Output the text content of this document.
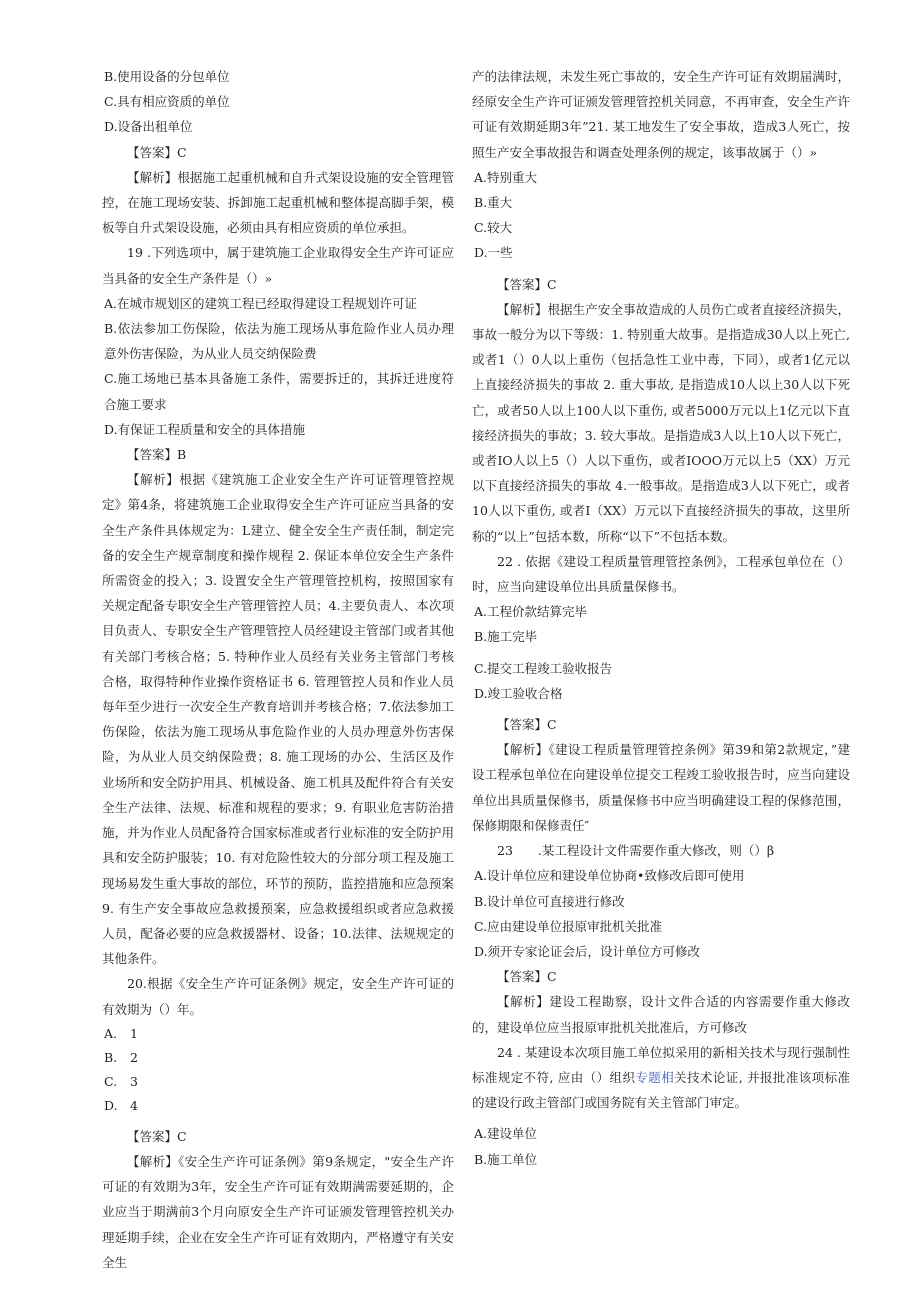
B.使用设备的分包单位

C.具有相应资质的单位

D.设备出租单位

【答案】C

【解析】根据施工起重机械和自升式架设设施的安全管理管控，在施工现场安装、拆卸施工起重机械和整体提高脚手架，模板等自升式架设设施，必须由具有相应资质的单位承担。

19 .下列选项中，属于建筑施工企业取得安全生产许可证应当具备的安全生产条件是（）»

A.在城市规划区的建筑工程已经取得建设工程规划许可证

B.依法参加工伤保险，依法为施工现场从事危险作业人员办理意外伤害保险，为从业人员交纳保险费

C.施工场地已基本具备施工条件，需要拆迁的，其拆迁进度符合施工要求

D.有保证工程质量和安全的具体措施

【答案】B

【解析】根据《建筑施工企业安全生产许可证管理管控规定》第4条，将建筑施工企业取得安全生产许可证应当具备的安全生产条件具体规定为：L建立、健全安全生产责任制，制定完备的安全生产规章制度和操作规程 2. 保证本单位安全生产条件所需资金的投入；3. 设置安全生产管理管控机构，按照国家有关规定配备专职安全生产管理管控人员；4.主要负责人、本次项目负责人、专职安全生产管理管控人员经建设主管部门或者其他有关部门考核合格；5. 特种作业人员经有关业务主管部门考核合格，取得特种作业操作资格证书 6. 管理管控人员和作业人员每年至少进行一次安全生产教育培训并考核合格；7.依法参加工伤保险，依法为施工现场从事危险作业的人员办理意外伤害保险，为从业人员交纳保险费；8. 施工现场的办公、生活区及作业场所和安全防护用具、机械设备、施工机具及配件符合有关安全生产法律、法规、标准和规程的要求；9. 有职业危害防治措施，并为作业人员配备符合国家标准或者行业标准的安全防护用具和安全防护服装；10. 有对危险性较大的分部分项工程及施工现场易发生重大事故的部位，环节的预防，监控措施和应急预案 9. 有生产安全事故应急救援预案，应急救援组织或者应急救援人员，配备必要的应急救援器材、设备；10.法律、法规规定的其他条件。

20.根据《安全生产许可证条例》规定，安全生产许可证的有效期为（）年。

A. 1

B. 2

C. 3

D. 4

【答案】C

【解析】《安全生产许可证条例》第9条规定，"安全生产许可证的有效期为3年，安全生产许可证有效期满需要延期的，企业应当于期满前3个月向原安全生产许可证颁发管理管控机关办理延期手续，企业在安全生产许可证有效期内，严格遵守有关安全生

产的法律法规，未发生死亡事故的，安全生产许可证有效期届满时，经原安全生产许可证颁发管理管控机关同意，不再审查，安全生产许可证有效期延期3年”21. 某工地发生了安全事故，造成3人死亡，按照生产安全事故报告和调查处理条例的规定，该事故属于（）»

A.特别重大

B.重大

C.较大

D.一些

【答案】C

【解析】根据生产安全事故造成的人员伤亡或者直接经济损失，事故一般分为以下等级：1. 特别重大故事。是指造成30人以上死亡, 或者1（）0人以上重伤（包括急性工业中毒，下同），或者1亿元以上直接经济损失的事故 2. 重大事故, 是指造成10人以上30人以下死亡，或者50人以上100人以下重伤, 或者5000万元以上1亿元以下直接经济损失的事故；3. 较大事故。是指造成3人以上10人以下死亡，或者IO人以上5（）人以下重伤，或者IOOO万元以上5（XX）万元以下直接经济损失的事故 4.一般事故。是指造成3人以下死亡，或者10人以下重伤, 或者I（XX）万元以下直接经济损失的事故，这里所称的“以上”包括本数，所称“以下”不包括本数。

22 . 依据《建设工程质量管理管控条例》，工程承包单位在（）时，应当向建设单位出具质量保修书。

A.工程价款结算完毕

B.施工完毕

C.提交工程竣工验收报告

D.竣工验收合格

【答案】C

【解析】《建设工程质量管理管控条例》第39和第2款规定，”建设工程承包单位在向建设单位提交工程竣工验收报告时，应当向建设单位出具质量保修书，质量保修书中应当明确建设工程的保修范围，保修期限和保修责任″

23　　.某工程设计文件需要作重大修改，则（）β

A.设计单位应和建设单位协商•致修改后即可使用

B.设计单位可直接进行修改

C.应由建设单位报原审批机关批准

D.须开专家论证会后，设计单位方可修改

【答案】C

【解析】建设工程勘察，设计文件合适的内容需要作重大修改的，建设单位应当报原审批机关批准后，方可修改

24 . 某建设本次项目施工单位拟采用的新相关技术与现行强制性标准规定不符, 应由（）组织专题相关技术论证, 并报批准该项标准的建设行政主管部门或国务院有关主管部门审定。

A.建设单位

B.施工单位
